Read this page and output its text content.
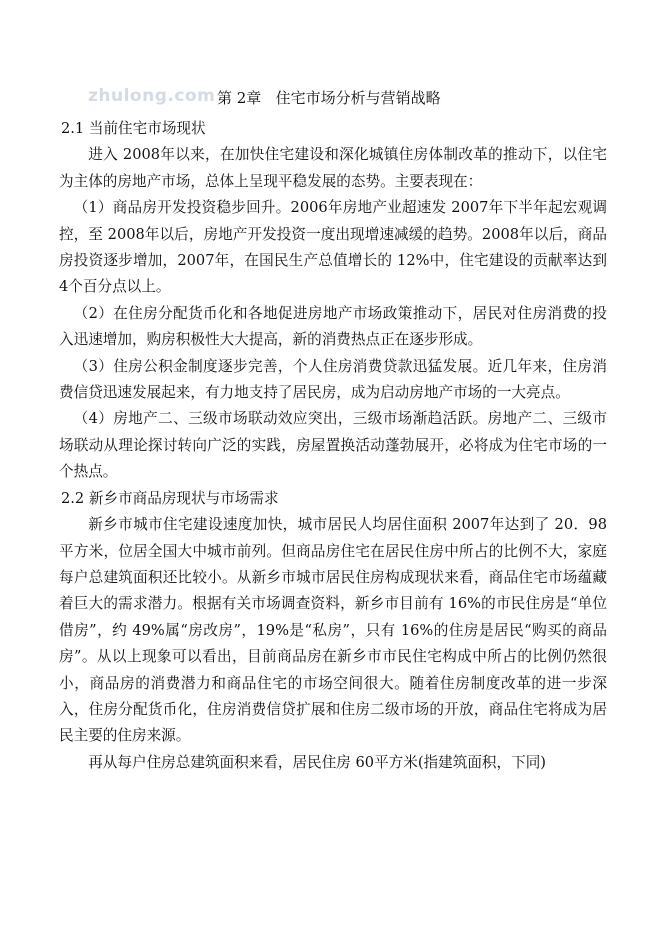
zhulong.com 第 2章   住宅市场分析与营销战略

2.1 当前住宅市场现状

进入 2008年以来，在加快住宅建设和深化城镇住房体制改革的推动下，以住宅为主体的房地产市场，总体上呈现平稳发展的态势。主要表现在：

（1）商品房开发投资稳步回升。2006年房地产业超速发 2007年下半年起宏观调控，至 2008年以后，房地产开发投资一度出现增速减缓的趋势。2008年以后，商品房投资逐步增加，2007年，在国民生产总值增长的 12%中，住宅建设的贡献率达到 4个百分点以上。

（2）在住房分配货币化和各地促进房地产市场政策推动下，居民对住房消费的投入迅速增加，购房积极性大大提高，新的消费热点正在逐步形成。

（3）住房公积金制度逐步完善，个人住房消费贷款迅猛发展。近几年来，住房消费信贷迅速发展起来，有力地支持了居民房，成为启动房地产市场的一大亮点。

（4）房地产二、三级市场联动效应突出，三级市场渐趋活跃。房地产二、三级市场联动从理论探讨转向广泛的实践，房屋置换活动蓬勃展开，必将成为住宅市场的一个热点。

2.2 新乡市商品房现状与市场需求

新乡市城市住宅建设速度加快，城市居民人均居住面积 2007年达到了 20．98平方米，位居全国大中城市前列。但商品房住宅在居民住房中所占的比例不大，家庭每户总建筑面积还比较小。从新乡市城市居民住房构成现状来看，商品住宅市场蕴藏着巨大的需求潜力。根据有关市场调查资料，新乡市目前有 16%的市民住房是“单位借房”，约 49%属“房改房”，19%是“私房”，只有 16%的住房是居民“购买的商品房”。从以上现象可以看出，目前商品房在新乡市市民住宅构成中所占的比例仍然很小，商品房的消费潜力和商品住宅的市场空间很大。随着住房制度改革的进一步深入，住房分配货币化，住房消费信贷扩展和住房二级市场的开放，商品住宅将成为居民主要的住房来源。

再从每户住房总建筑面积来看，居民住房 60平方米(指建筑面积，下同)
